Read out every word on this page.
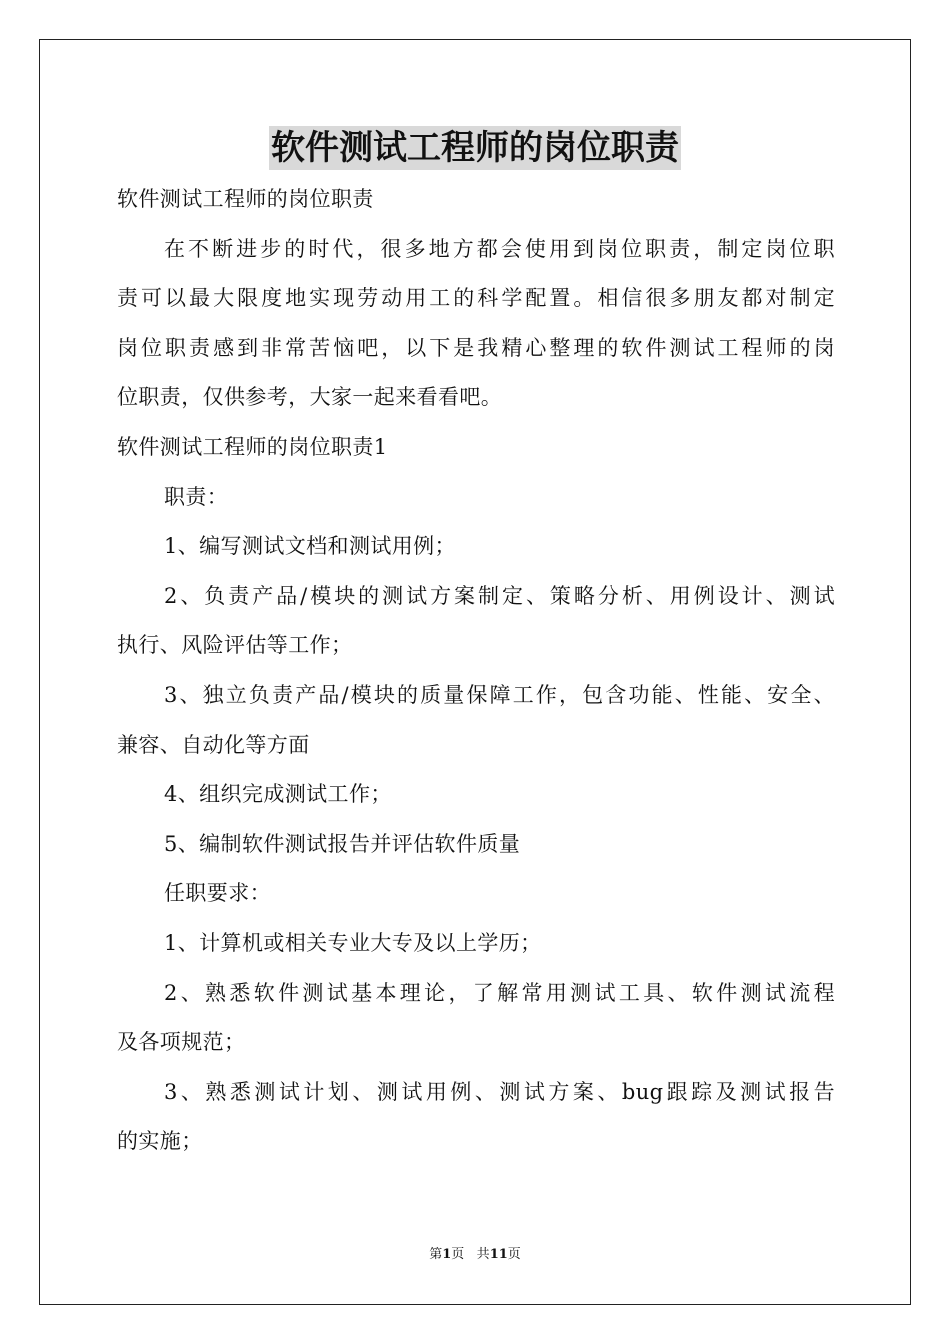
软件测试工程师的岗位职责
软件测试工程师的岗位职责
在不断进步的时代，很多地方都会使用到岗位职责，制定岗位职
责可以最大限度地实现劳动用工的科学配置。相信很多朋友都对制定
岗位职责感到非常苦恼吧，以下是我精心整理的软件测试工程师的岗
位职责，仅供参考，大家一起来看看吧。
软件测试工程师的岗位职责1
职责：
1、编写测试文档和测试用例；
2、负责产品/模块的测试方案制定、策略分析、用例设计、测试
执行、风险评估等工作；
3、独立负责产品/模块的质量保障工作，包含功能、性能、安全、
兼容、自动化等方面
4、组织完成测试工作；
5、编制软件测试报告并评估软件质量
任职要求：
1、计算机或相关专业大专及以上学历；
2、熟悉软件测试基本理论，了解常用测试工具、软件测试流程
及各项规范；
3、熟悉测试计划、测试用例、测试方案、bug跟踪及测试报告
的实施；
第1页 共11页
